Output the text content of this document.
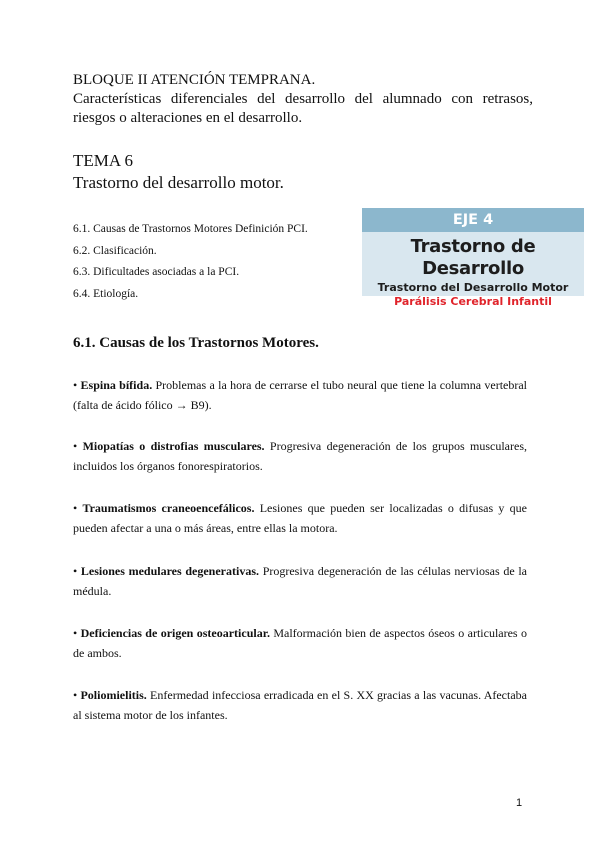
BLOQUE II ATENCIÓN TEMPRANA.
Características diferenciales del desarrollo del alumnado con retrasos,
riesgos o alteraciones en el desarrollo.
TEMA 6
Trastorno del desarrollo motor.
6.1. Causas de Trastornos Motores Definición PCI.
6.2. Clasificación.
6.3. Dificultades asociadas a la PCI.
6.4. Etiología.
EJE 4
Trastorno de Desarrollo
Trastorno del Desarrollo Motor
Parálisis Cerebral Infantil
6.1. Causas de los Trastornos Motores.
• Espina bífida. Problemas a la hora de cerrarse el tubo neural que tiene la columna vertebral (falta de ácido fólico → B9).
• Miopatías o distrofias musculares. Progresiva degeneración de los grupos musculares, incluidos los órganos fonorespiratorios.
• Traumatismos craneoencefálicos. Lesiones que pueden ser localizadas o difusas y que pueden afectar a una o más áreas, entre ellas la motora.
• Lesiones medulares degenerativas. Progresiva degeneración de las células nerviosas de la médula.
• Deficiencias de origen osteoarticular. Malformación bien de aspectos óseos o articulares o de ambos.
• Poliomielitis. Enfermedad infecciosa erradicada en el S. XX gracias a las vacunas. Afectaba al sistema motor de los infantes.
1
